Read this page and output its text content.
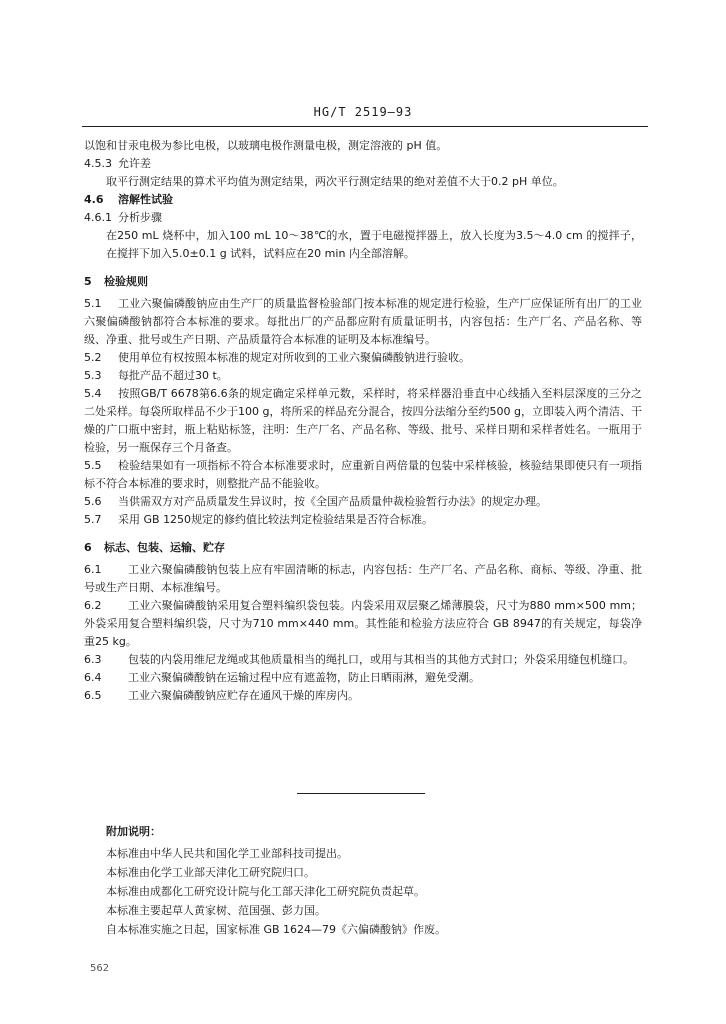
HG/T 2519—93

以饱和甘汞电极为参比电极，以玻璃电极作测量电极，测定溶液的 pH 值。

4.5.3 允许差

取平行测定结果的算术平均值为测定结果，两次平行测定结果的绝对差值不大于0.2 pH 单位。

4.6 溶解性试验

4.6.1 分析步骤

在250 mL 烧杯中，加入100 mL 10～38℃的水，置于电磁搅拌器上，放入长度为3.5～4.0 cm 的搅拌子，在搅拌下加入5.0±0.1 g 试料，试料应在20 min 内全部溶解。

5 检验规则

5.1 工业六聚偏磷酸钠应由生产厂的质量监督检验部门按本标准的规定进行检验，生产厂应保证所有出厂的工业六聚偏磷酸钠都符合本标准的要求。每批出厂的产品都应附有质量证明书，内容包括：生产厂名、产品名称、等级、净重、批号或生产日期、产品质量符合本标准的证明及本标准编号。

5.2 使用单位有权按照本标准的规定对所收到的工业六聚偏磷酸钠进行验收。

5.3 每批产品不超过30 t。

5.4 按照GB/T 6678第6.6条的规定确定采样单元数，采样时，将采样器沿垂直中心线插入至料层深度的三分之二处采样。每袋所取样品不少于100 g，将所采的样品充分混合，按四分法缩分至约500 g，立即装入两个清洁、干燥的广口瓶中密封，瓶上粘贴标签，注明：生产厂名、产品名称、等级、批号、采样日期和采样者姓名。一瓶用于检验，另一瓶保存三个月备查。

5.5 检验结果如有一项指标不符合本标准要求时，应重新自两倍量的包装中采样核验，核验结果即使只有一项指标不符合本标准的要求时，则整批产品不能验收。

5.6 当供需双方对产品质量发生异议时，按《全国产品质量仲裁检验暂行办法》的规定办理。

5.7 采用 GB 1250规定的修约值比较法判定检验结果是否符合标准。

6 标志、包装、运输、贮存

6.1 工业六聚偏磷酸钠包装上应有牢固清晰的标志，内容包括：生产厂名、产品名称、商标、等级、净重、批号或生产日期、本标准编号。

6.2 工业六聚偏磷酸钠采用复合塑料编织袋包装。内袋采用双层聚乙烯薄膜袋，尺寸为880 mm×500 mm；外袋采用复合塑料编织袋，尺寸为710 mm×440 mm。其性能和检验方法应符合 GB 8947的有关规定，每袋净重25 kg。

6.3 包装的内袋用维尼龙绳或其他质量相当的绳扎口，或用与其相当的其他方式封口；外袋采用缝包机缝口。

6.4 工业六聚偏磷酸钠在运输过程中应有遮盖物，防止日晒雨淋，避免受潮。

6.5 工业六聚偏磷酸钠应贮存在通风干燥的库房内。

附加说明：
本标准由中华人民共和国化学工业部科技司提出。
本标准由化学工业部天津化工研究院归口。
本标准由成都化工研究设计院与化工部天津化工研究院负责起草。
本标准主要起草人黄家树、范国强、彭力国。
自本标准实施之日起，国家标准 GB 1624—79《六偏磷酸钠》作废。
562
